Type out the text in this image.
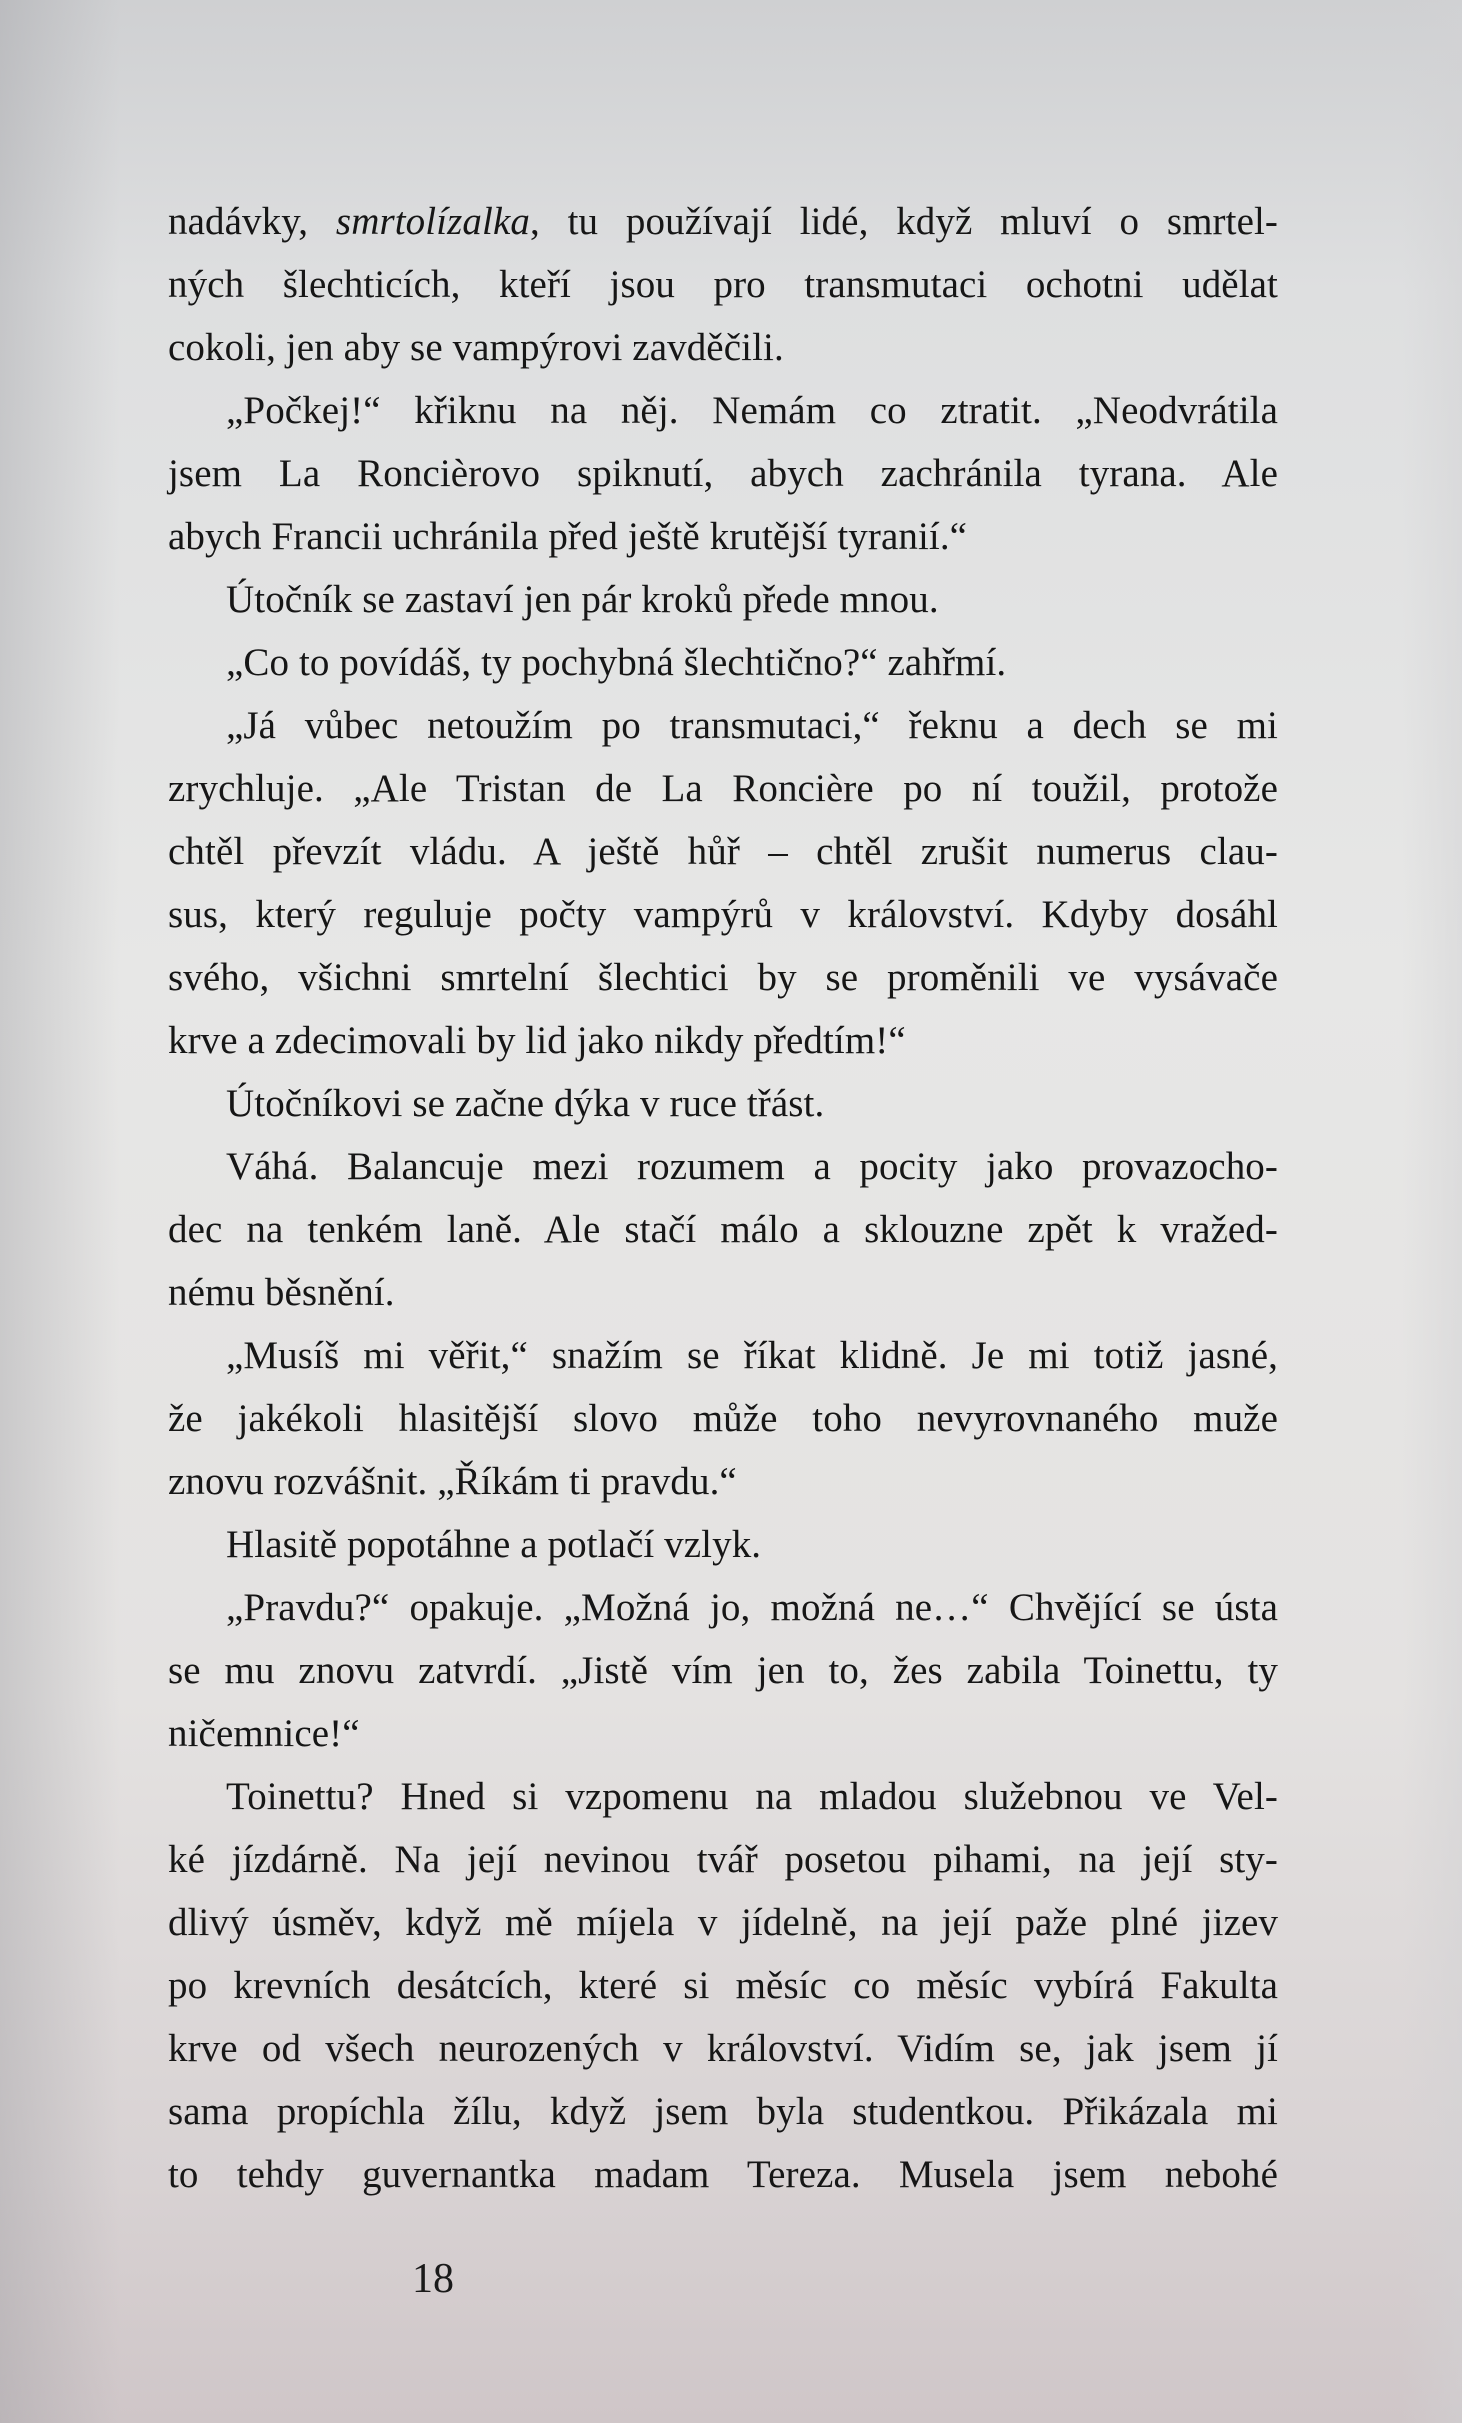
nadávky, smrtolízalka, tu používají lidé, když mluví o smrtel-
ných šlechticích, kteří jsou pro transmutaci ochotni udělat
cokoli, jen aby se vampýrovi zavděčili.
„Počkej!“ křiknu na něj. Nemám co ztratit. „Neodvrátila
jsem La Roncièrovo spiknutí, abych zachránila tyrana. Ale
abych Francii uchránila před ještě krutější tyranií.“
Útočník se zastaví jen pár kroků přede mnou.
„Co to povídáš, ty pochybná šlechtično?“ zahřmí.
„Já vůbec netoužím po transmutaci,“ řeknu a dech se mi
zrychluje. „Ale Tristan de La Roncière po ní toužil, protože
chtěl převzít vládu. A ještě hůř – chtěl zrušit numerus clau-
sus, který reguluje počty vampýrů v království. Kdyby dosáhl
svého, všichni smrtelní šlechtici by se proměnili ve vysávače
krve a zdecimovali by lid jako nikdy předtím!“
Útočníkovi se začne dýka v ruce třást.
Váhá. Balancuje mezi rozumem a pocity jako provazocho-
dec na tenkém laně. Ale stačí málo a sklouzne zpět k vražed-
nému běsnění.
„Musíš mi věřit,“ snažím se říkat klidně. Je mi totiž jasné,
že jakékoli hlasitější slovo může toho nevyrovnaného muže
znovu rozvášnit. „Říkám ti pravdu.“
Hlasitě popotáhne a potlačí vzlyk.
„Pravdu?“ opakuje. „Možná jo, možná ne…“ Chvějící se ústa
se mu znovu zatvrdí. „Jistě vím jen to, žes zabila Toinettu, ty
ničemnice!“
Toinettu? Hned si vzpomenu na mladou služebnou ve Vel-
ké jízdárně. Na její nevinou tvář posetou pihami, na její sty-
dlivý úsměv, když mě míjela v jídelně, na její paže plné jizev
po krevních desátcích, které si měsíc co měsíc vybírá Fakulta
krve od všech neurozených v království. Vidím se, jak jsem jí
sama propíchla žílu, když jsem byla studentkou. Přikázala mi
to tehdy guvernantka madam Tereza. Musela jsem nebohé
18
